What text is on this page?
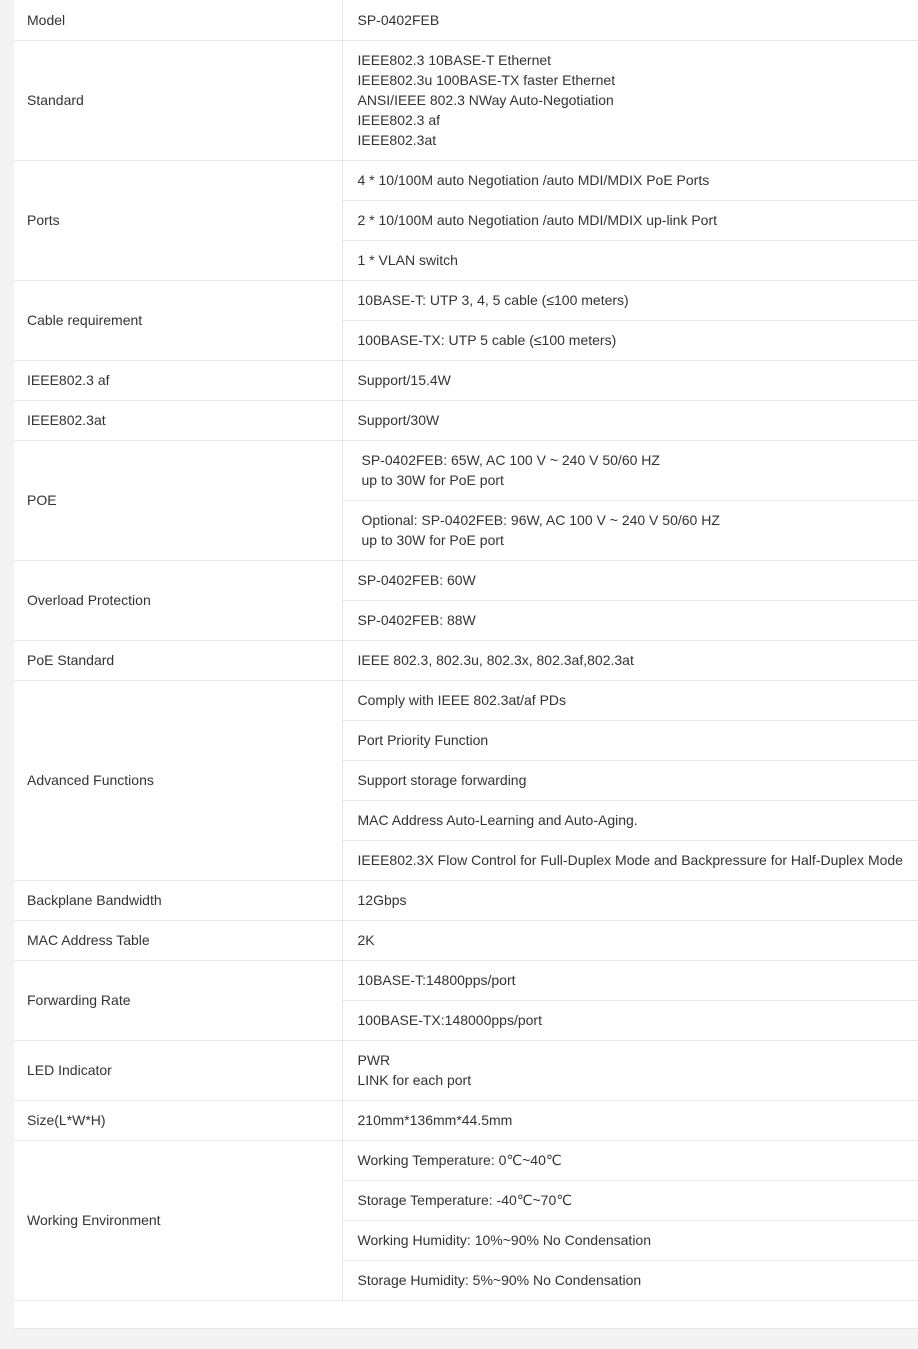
Model	SP-0402FEB
Standard	IEEE802.3 10BASE-T Ethernet
IEEE802.3u 100BASE-TX faster Ethernet
ANSI/IEEE 802.3 NWay Auto-Negotiation
IEEE802.3 af
IEEE802.3at

Ports	4 * 10/100M auto Negotiation /auto MDI/MDIX PoE Ports
	2 * 10/100M auto Negotiation /auto MDI/MDIX up-link Port
	1 * VLAN switch
Cable requirement	10BASE-T: UTP 3, 4, 5 cable (≤100 meters)
	100BASE-TX: UTP 5 cable (≤100 meters)
IEEE802.3 af	Support/15.4W
IEEE802.3at	Support/30W
POE	SP-0402FEB: 65W, AC 100 V ~ 240 V 50/60 HZ
up to 30W for PoE port

	Optional: SP-0402FEB: 96W, AC 100 V ~ 240 V 50/60 HZ
up to 30W for PoE port

Overload Protection	SP-0402FEB: 60W
	SP-0402FEB: 88W
PoE Standard	IEEE 802.3, 802.3u, 802.3x, 802.3af,802.3at
Advanced Functions	Comply with IEEE 802.3at/af PDs
	Port Priority Function
	Support storage forwarding
	MAC Address Auto-Learning and Auto-Aging.
	IEEE802.3X Flow Control for Full-Duplex Mode and Backpressure for Half-Duplex Mode
Backplane Bandwidth	12Gbps
MAC Address Table	2K
Forwarding Rate	10BASE-T:14800pps/port
	100BASE-TX:148000pps/port
LED Indicator	PWR
LINK for each port

Size(L*W*H)	210mm*136mm*44.5mm
Working Environment	Working Temperature: 0℃~40℃
	Storage Temperature: -40℃~70℃
	Working Humidity: 10%~90% No Condensation
	Storage Humidity: 5%~90% No Condensation
